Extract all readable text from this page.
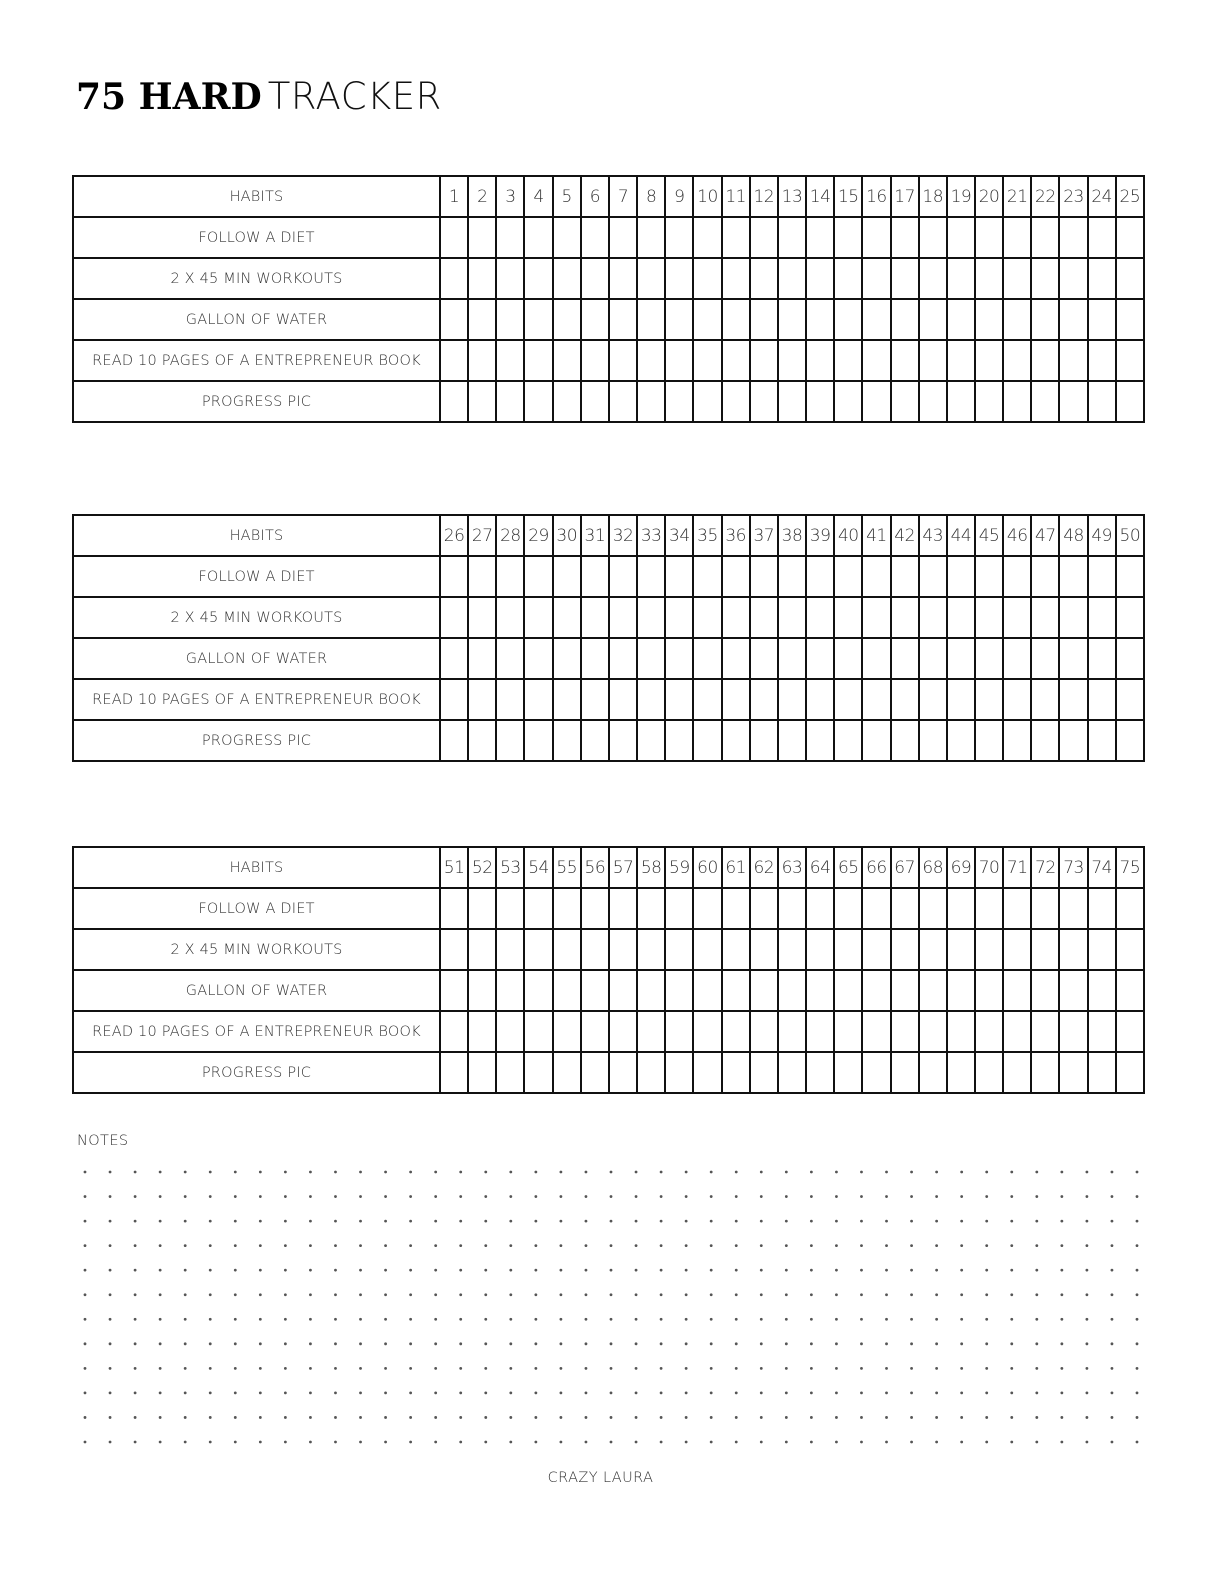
75 HARD TRACKER
HABITS	1	2	3	4	5	6	7	8	9	10	11	12	13	14	15	16	17	18	19	20	21	22	23	24	25
FOLLOW A DIET																									
2 X 45 MIN WORKOUTS																									
GALLON OF WATER																									
READ 10 PAGES OF A ENTREPRENEUR BOOK																									
PROGRESS PIC																									
HABITS	26	27	28	29	30	31	32	33	34	35	36	37	38	39	40	41	42	43	44	45	46	47	48	49	50
FOLLOW A DIET																									
2 X 45 MIN WORKOUTS																									
GALLON OF WATER																									
READ 10 PAGES OF A ENTREPRENEUR BOOK																									
PROGRESS PIC																									
HABITS	51	52	53	54	55	56	57	58	59	60	61	62	63	64	65	66	67	68	69	70	71	72	73	74	75
FOLLOW A DIET																									
2 X 45 MIN WORKOUTS																									
GALLON OF WATER																									
READ 10 PAGES OF A ENTREPRENEUR BOOK																									
PROGRESS PIC																									
NOTES
CRAZY LAURA
